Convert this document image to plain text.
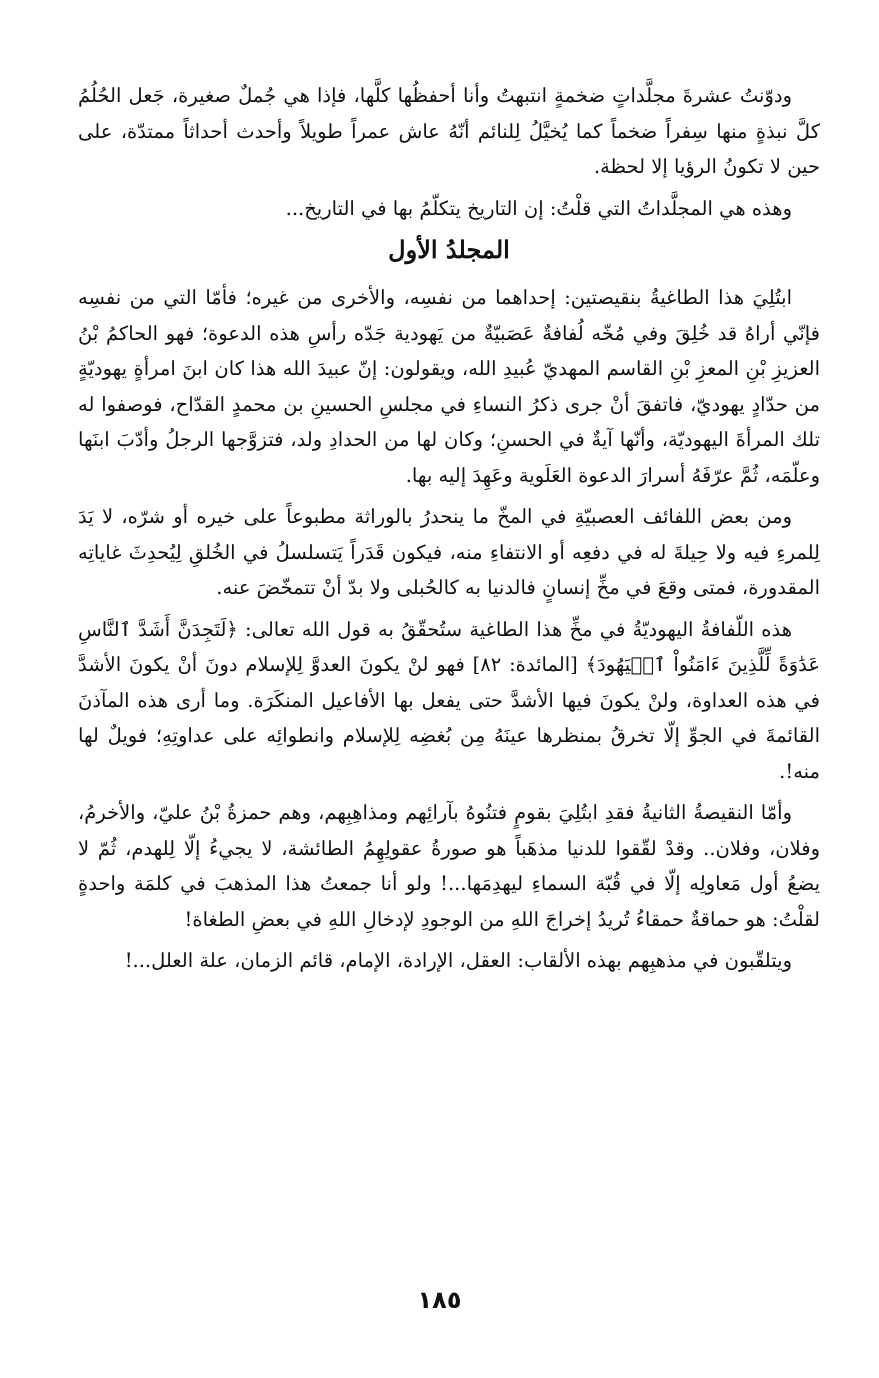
ودوّنتُ عشرةَ مجلَّداتٍ ضخمةٍ انتبهتُ وأنا أحفظُها كلَّها، فإذا هي جُملٌ صغيرة، جَعل الحُلُمُ كلَّ نبذةٍ منها سِفراً ضخماً كما يُخيَّلُ لِلنائم أنّهُ عاش عمراً طويلاً وأحدث أحداثاً ممتدّة، على حين لا تكونُ الرؤيا إلا لحظة.

وهذه هي المجلَّداتُ التي قلْتُ: إن التاريخ يتكلّمُ بها في التاريخ...

المجلدُ الأول

ابتُلِيَ هذا الطاغيةُ بنقيصتين: إحداهما من نفسِه، والأخرى من غيره؛ فأمّا التي من نفسِه فإنّي أراهُ قد خُلِقَ وفي مُخّه لُفافةٌ عَصَبيّةٌ من يَهودية جَدّه رأسِ هذه الدعوة؛ فهو الحاكمُ بْنُ العزيزِ بْنِ المعزِ بْنِ القاسم المهديّ عُبيدِ الله، ويقولون: إنّ عبيدَ الله هذا كان ابنَ امرأةٍ يهوديّةٍ من حدّادٍ يهوديّ، فاتفقَ أنْ جرى ذكرُ النساءِ في مجلسِ الحسينِ بن محمدٍ القدّاح، فوصفوا له تلك المرأةَ اليهوديّة، وأنّها آيةٌ في الحسنِ؛ وكان لها من الحدادِ ولد، فتزوَّجها الرجلُ وأدّبَ ابنَها وعلّمَه، ثُمَّ عرّفَهُ أسرارَ الدعوة العَلَوية وعَهِدَ إليه بها.

ومن بعض اللفائف العصبيّةِ في المخّ ما ينحدرُ بالوراثة مطبوعاً على خيره أو شرّه، لا يَدَ لِلمرءِ فيه ولا حِيلةَ له في دفعِه أو الانتفاءِ منه، فيكون قَدَراً يَتسلسلُ في الخُلقِ لِيُحدِثَ غاياتِه المقدورة، فمتى وقعَ في مخِّ إنسانٍ فالدنيا به كالحُبلى ولا بدّ أنْ تتمخّضَ عنه.

هذه اللّفافةُ اليهوديّةُ في مخِّ هذا الطاغية ستُحقّقُ به قول الله تعالى: ﴿لَتَجِدَنَّ أَشَدَّ ٱلنَّاسِ عَدَٰوَةً لِّلَّذِينَ ءَامَنُواْ ٱلۡيَهُودَ﴾ [المائدة: ٨٢] فهو لنْ يكونَ العدوَّ لِلإسلام دونَ أنْ يكونَ الأشدَّ في هذه العداوة، ولنْ يكونَ فيها الأشدَّ حتى يفعل بها الأفاعيل المنكَرَة. وما أرى هذه المآذنَ القائمةَ في الجوِّ إلّا تخرقُ بمنظرها عينَهُ مِن بُغضِه لِلإسلام وانطوائِه على عداوتِهِ؛ فويلٌ لها منه!.

وأمّا النقيصةُ الثانيةُ فقدِ ابتُلِيَ بقومٍ فتنُوهُ بآرائِهم ومذاهِبِهم، وهم حمزةُ بْنُ عليّ، والأخرمُ، وفلان، وفلان.. وقدْ لقّقوا للدنيا مذهَباً هو صورةُ عقولِهِمُ الطائشة، لا يجيءُ إلّا لِلهدم، ثُمّ لا يضعُ أول مَعاولِه إلّا في قُبّة السماءِ ليهدِمَها...! ولو أنا جمعتُ هذا المذهبَ في كلمَة واحدةٍ لقلْتُ: هو حماقةٌ حمقاءُ تُريدُ إخراجَ اللهِ من الوجودِ لإدخالِ اللهِ في بعضِ الطغاة!

ويتلقّبون في مذهبِهم بهذه الألقاب: العقل، الإرادة، الإمام، قائم الزمان، علة العلل...!

١٨٥
